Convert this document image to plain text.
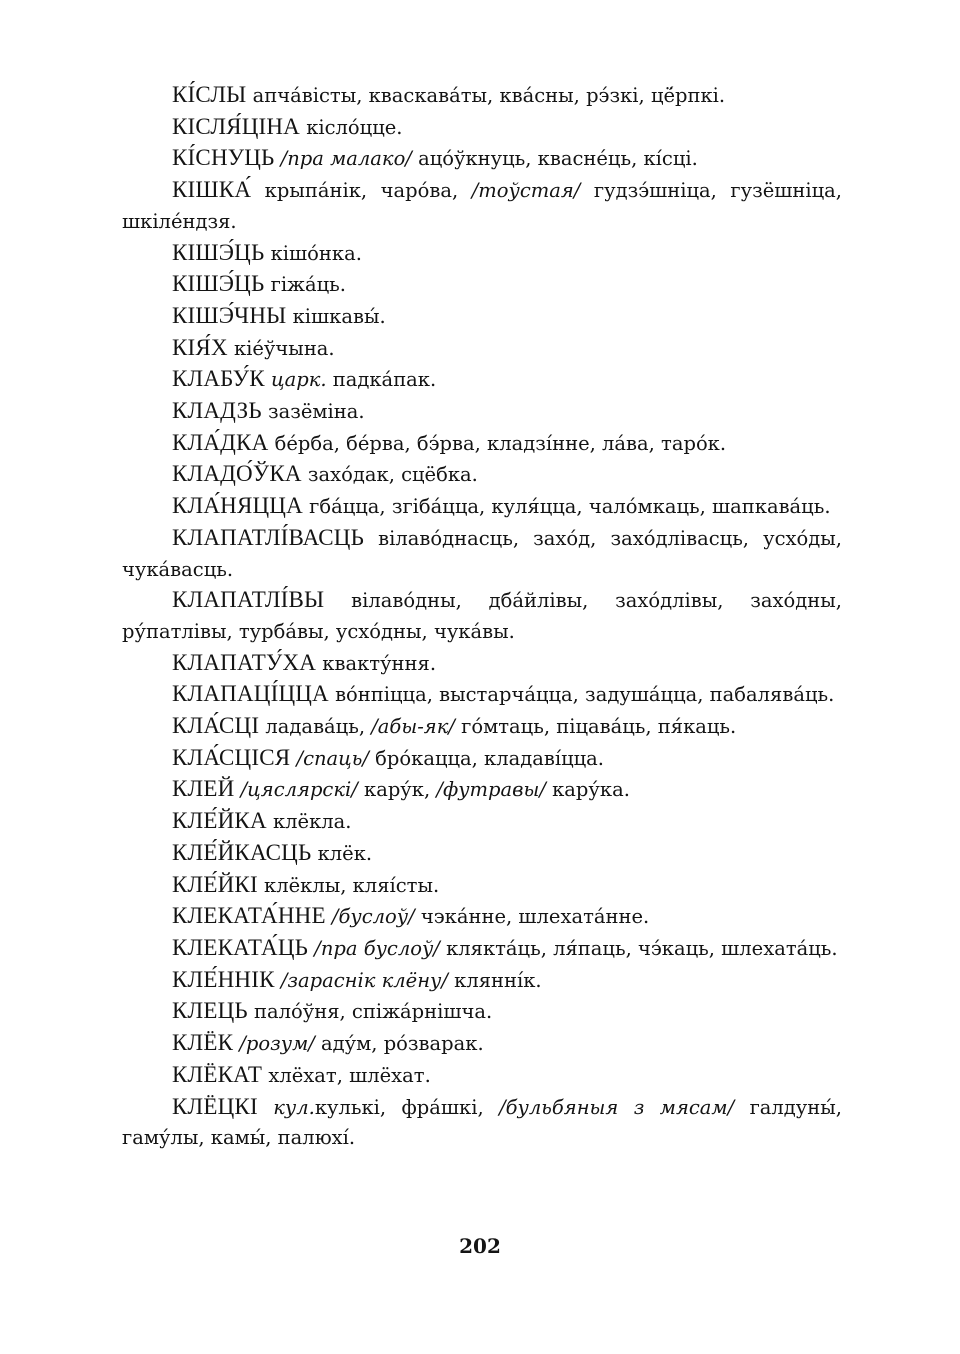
КІ́СЛЫ апча́вісты, кваскава́ты, ква́сны, рэ́зкі, цё́рпкі.

КІСЛЯ́ЦІНА кісло́цце.

КІ́СНУЦЬ /пра малако/ ацо́ўкнуць, кваснéць, кі́сці.

КІШКА́ крыпа́нік, чаро́ва, /тоўстая/ гудзэ́шніца, гузёшніца, шкіле́ндзя.

КІШЭ́ЦЬ кішо́нка.

КІШЭ́ЦЬ гіжа́ць.

КІШЭ́ЧНЫ кішкавы́.

КІЯ́Х кіе́ўчына.

КЛАБУ́К царк. падка́пак.

КЛАДЗЬ зазёміна.

КЛА́ДКА бе́рба, бе́рва, бэ́рва, кладзі́нне, ла́ва, таро́к.

КЛАДО́ЎКА захо́дак, сцёбка.

КЛА́НЯЦЦА гба́цца, згіба́цца, куля́цца, чало́мкаць, шапкава́ць.

КЛАПАТЛІ́ВАСЦЬ вілаво́днасць, захо́д, захо́длівасць, усхо́ды, чука́васць.

КЛАПАТЛІ́ВЫ вілаво́дны, дба́йлівы, захо́длівы, захо́дны, ру́патлівы, турба́вы, усхо́дны, чука́вы.

КЛАПАТУ́ХА квакту́ння.

КЛАПАЦІ́ЦЦА во́нпіцца, выстарча́цца, задуша́цца, пабалява́ць.

КЛА́СЦІ ладава́ць, /абы-як/ го́мтаць, піцава́ць, пя́каць.

КЛА́СЦІСЯ /спаць/ бро́кацца, кладаві́цца.

КЛЕЙ /цяслярскі/ кару́к, /футравы/ кару́ка.

КЛЕ́ЙКА клёкла.

КЛЕ́ЙКАСЦЬ клёк.

КЛЕ́ЙКІ клёклы, кляі́сты.

КЛЕКАТА́ННЕ /буслоў/ чэка́нне, шлехата́нне.

КЛЕКАТА́ЦЬ /пра буслоў/ клякта́ць, ля́паць, чэ́каць, шлехата́ць.

КЛЕ́ННІК /зараснік клёну/ кляннíк.

КЛЕЦЬ пало́ўня, спіжа́рнішча.

КЛЁК /розум/ аду́м, ро́зварак.

КЛЁКАТ хлёхат, шлёхат.

КЛЁЦКІ кул.кулькі, фра́шкі, /бульбяныя з мясам/ галдуны́, гаму́лы, камы́, палюхі́.

202
